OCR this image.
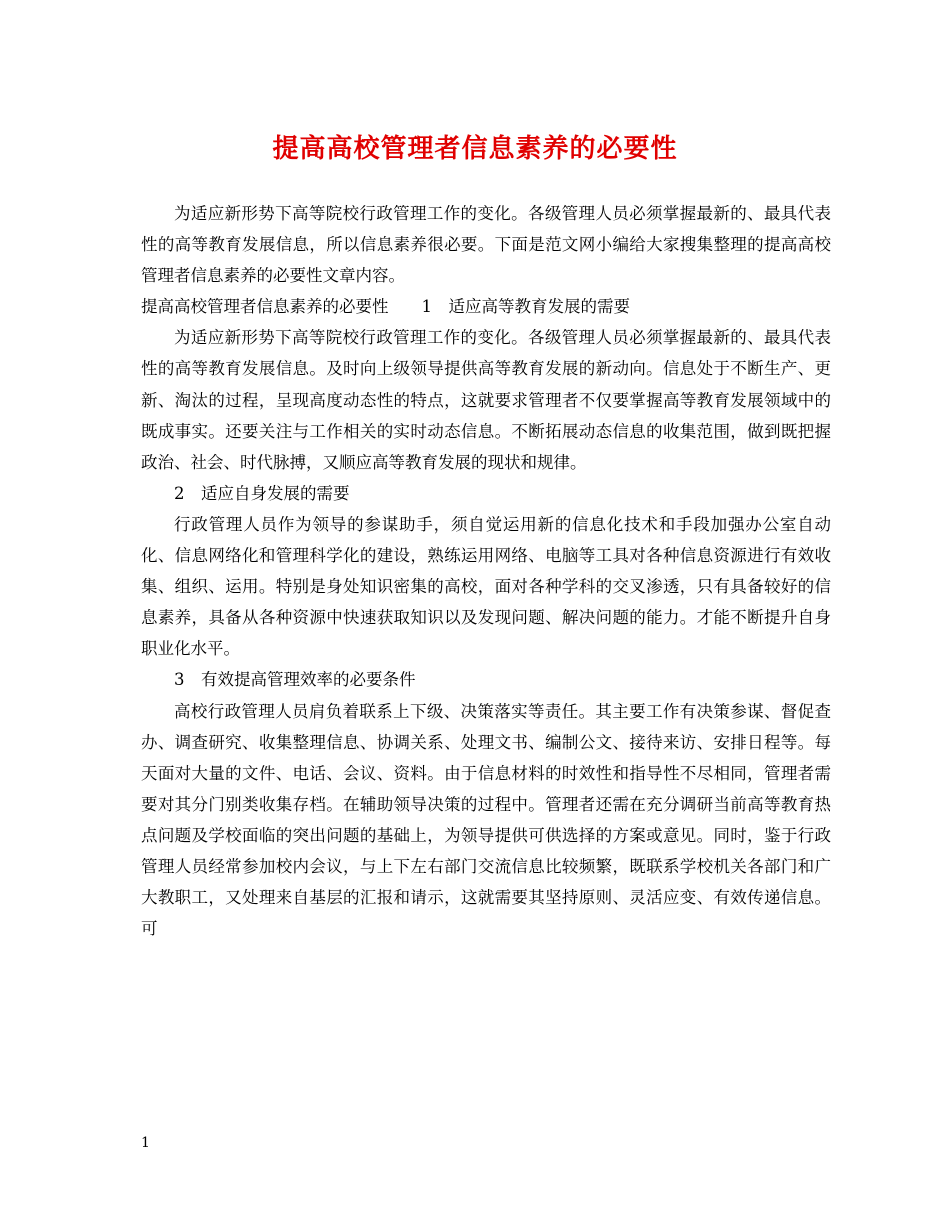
提高高校管理者信息素养的必要性

为适应新形势下高等院校行政管理工作的变化。各级管理人员必须掌握最新的、最具代表性的高等教育发展信息，所以信息素养很必要。下面是范文网小编给大家搜集整理的提高高校管理者信息素养的必要性文章内容。

提高高校管理者信息素养的必要性　　1　适应高等教育发展的需要

为适应新形势下高等院校行政管理工作的变化。各级管理人员必须掌握最新的、最具代表性的高等教育发展信息。及时向上级领导提供高等教育发展的新动向。信息处于不断生产、更新、淘汰的过程，呈现高度动态性的特点，这就要求管理者不仅要掌握高等教育发展领域中的既成事实。还要关注与工作相关的实时动态信息。不断拓展动态信息的收集范围，做到既把握政治、社会、时代脉搏，又顺应高等教育发展的现状和规律。

2　适应自身发展的需要

行政管理人员作为领导的参谋助手，须自觉运用新的信息化技术和手段加强办公室自动化、信息网络化和管理科学化的建设，熟练运用网络、电脑等工具对各种信息资源进行有效收集、组织、运用。特别是身处知识密集的高校，面对各种学科的交叉渗透，只有具备较好的信息素养，具备从各种资源中快速获取知识以及发现问题、解决问题的能力。才能不断提升自身职业化水平。

3　有效提高管理效率的必要条件

高校行政管理人员肩负着联系上下级、决策落实等责任。其主要工作有决策参谋、督促查办、调查研究、收集整理信息、协调关系、处理文书、编制公文、接待来访、安排日程等。每天面对大量的文件、电话、会议、资料。由于信息材料的时效性和指导性不尽相同，管理者需要对其分门别类收集存档。在辅助领导决策的过程中。管理者还需在充分调研当前高等教育热点问题及学校面临的突出问题的基础上，为领导提供可供选择的方案或意见。同时，鉴于行政管理人员经常参加校内会议，与上下左右部门交流信息比较频繁，既联系学校机关各部门和广大教职工，又处理来自基层的汇报和请示，这就需要其坚持原则、灵活应变、有效传递信息。可

1
